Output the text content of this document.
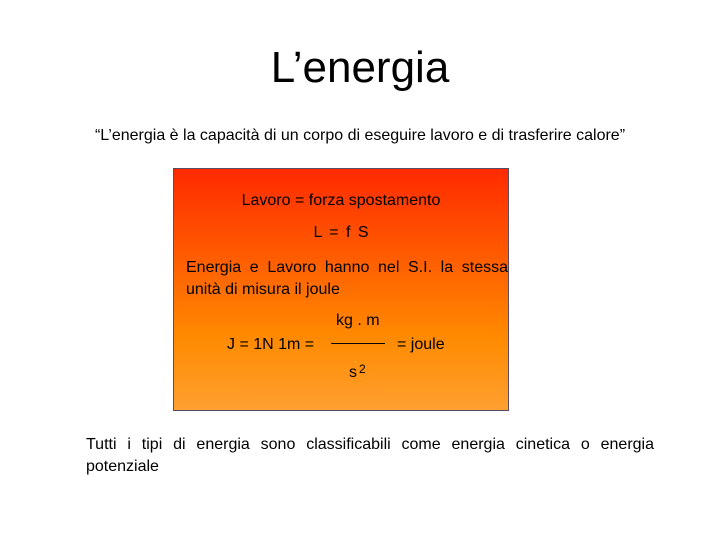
L’energia
“L’energia è la capacità di un corpo di eseguire lavoro e di trasferire calore”
Lavoro = forza spostamento
L = f S
Energia e Lavoro hanno nel S.I. la stessa unità di misura il joule
J = 1N 1m =
kg . m
= joule
s $^2$
Tutti i tipi di energia sono classificabili come energia cinetica o energia potenziale
